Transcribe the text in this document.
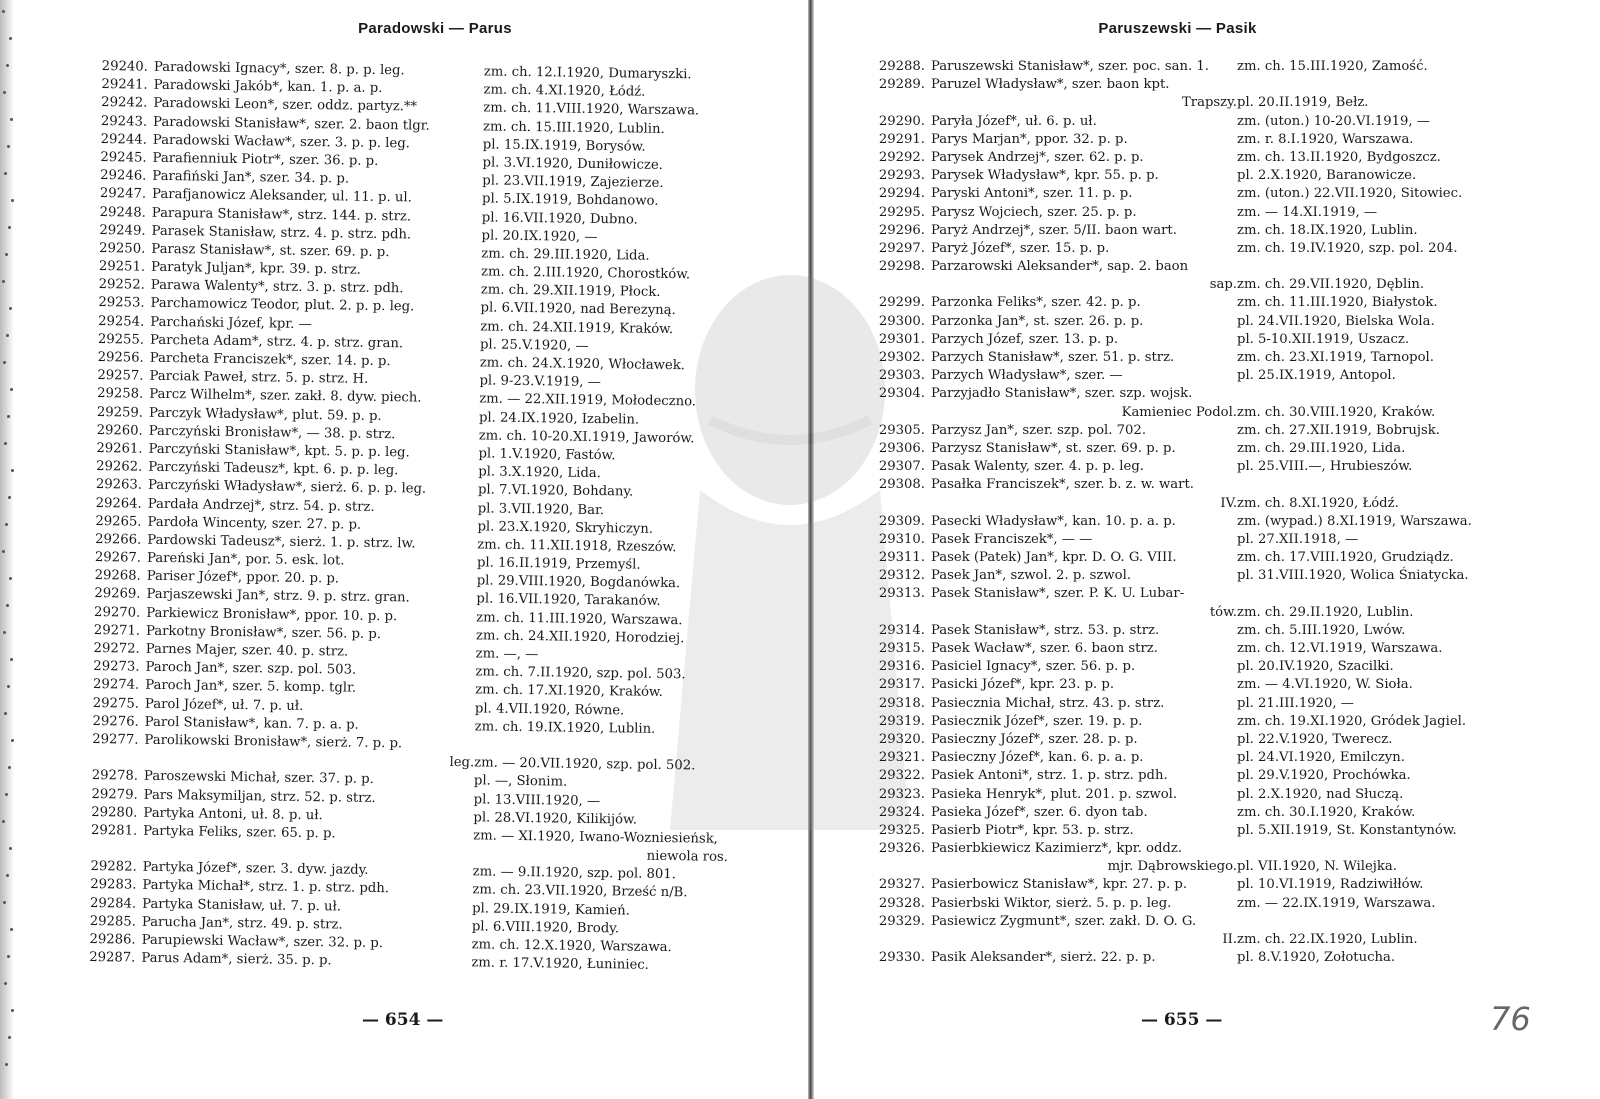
Paradowski — Parus
29240. Paradowski Ignacy*, szer. 8. p. p. leg.	zm. ch. 12.I.1920, Dumaryszki.
29241. Paradowski Jakób*, kan. 1. p. a. p.	zm. ch. 4.XI.1920, Łódź.
29242. Paradowski Leon*, szer. oddz. partyz.**	zm. ch. 11.VIII.1920, Warszawa.
29243. Paradowski Stanisław*, szer. 2. baon tlgr.	zm. ch. 15.III.1920, Lublin.
29244. Paradowski Wacław*, szer. 3. p. p. leg.	pl. 15.IX.1919, Borysów.
29245. Parafienniuk Piotr*, szer. 36. p. p.	pl. 3.VI.1920, Duniłowicze.
29246. Parafiński Jan*, szer. 34. p. p.	pl. 23.VII.1919, Zajezierze.
29247. Parafjanowicz Aleksander, ul. 11. p. ul.	pl. 5.IX.1919, Bohdanowo.
29248. Parapura Stanisław*, strz. 144. p. strz.	pl. 16.VII.1920, Dubno.
29249. Parasek Stanisław, strz. 4. p. strz. pdh.	pl. 20.IX.1920, —
29250. Parasz Stanisław*, st. szer. 69. p. p.	zm. ch. 29.III.1920, Lida.
29251. Paratyk Juljan*, kpr. 39. p. strz.	zm. ch. 2.III.1920, Chorostków.
29252. Parawa Walenty*, strz. 3. p. strz. pdh.	zm. ch. 29.XII.1919, Płock.
29253. Parchamowicz Teodor, plut. 2. p. p. leg.	pl. 6.VII.1920, nad Berezyną.
29254. Parchański Józef, kpr. —	zm. ch. 24.XII.1919, Kraków.
29255. Parcheta Adam*, strz. 4. p. strz. gran.	pl. 25.V.1920, —
29256. Parcheta Franciszek*, szer. 14. p. p.	zm. ch. 24.X.1920, Włocławek.
29257. Parciak Paweł, strz. 5. p. strz. H.	pl. 9-23.V.1919, —
29258. Parcz Wilhelm*, szer. zakł. 8. dyw. piech.	zm. — 22.XII.1919, Mołodeczno.
29259. Parczyk Władysław*, plut. 59. p. p.	pl. 24.IX.1920, Izabelin.
29260. Parczyński Bronisław*, — 38. p. strz.	zm. ch. 10-20.XI.1919, Jaworów.
29261. Parczyński Stanisław*, kpt. 5. p. p. leg.	pl. 1.V.1920, Fastów.
29262. Parczyński Tadeusz*, kpt. 6. p. p. leg.	pl. 3.X.1920, Lida.
29263. Parczyński Władysław*, sierż. 6. p. p. leg.	pl. 7.VI.1920, Bohdany.
29264. Pardała Andrzej*, strz. 54. p. strz.	pl. 3.VII.1920, Bar.
29265. Pardoła Wincenty, szer. 27. p. p.	pl. 23.X.1920, Skryhiczyn.
29266. Pardowski Tadeusz*, sierż. 1. p. strz. lw.	zm. ch. 11.XII.1918, Rzeszów.
29267. Pareński Jan*, por. 5. esk. lot.	pl. 16.II.1919, Przemyśl.
29268. Pariser Józef*, ppor. 20. p. p.	pl. 29.VIII.1920, Bogdanówka.
29269. Parjaszewski Jan*, strz. 9. p. strz. gran.	pl. 16.VII.1920, Tarakanów.
29270. Parkiewicz Bronisław*, ppor. 10. p. p.	zm. ch. 11.III.1920, Warszawa.
29271. Parkotny Bronisław*, szer. 56. p. p.	zm. ch. 24.XII.1920, Horodziej.
29272. Parnes Majer, szer. 40. p. strz.	zm. —, —
29273. Paroch Jan*, szer. szp. pol. 503.	zm. ch. 7.II.1920, szp. pol. 503.
29274. Paroch Jan*, szer. 5. komp. tglr.	zm. ch. 17.XI.1920, Kraków.
29275. Parol Józef*, uł. 7. p. uł.	pl. 4.VII.1920, Równe.
29276. Parol Stanisław*, kan. 7. p. a. p.	zm. ch. 19.IX.1920, Lublin.
29277. Parolikowski Bronisław*, sierż. 7. p. p.
leg. zm. — 20.VII.1920, szp. pol. 502.
29278. Paroszewski Michał, szer. 37. p. p.	pl. —, Słonim.
29279. Pars Maksymiljan, strz. 52. p. strz.	pl. 13.VIII.1920, —
29280. Partyka Antoni, uł. 8. p. uł.	pl. 28.VI.1920, Kilikijów.
29281. Partyka Feliks, szer. 65. p. p.	zm. — XI.1920, Iwano-Wozniesieńsk,
niewola ros.
29282. Partyka Józef*, szer. 3. dyw. jazdy.	zm. — 9.II.1920, szp. pol. 801.
29283. Partyka Michał*, strz. 1. p. strz. pdh.	zm. ch. 23.VII.1920, Brześć n/B.
29284. Partyka Stanisław, uł. 7. p. uł.	pl. 29.IX.1919, Kamień.
29285. Parucha Jan*, strz. 49. p. strz.	pl. 6.VIII.1920, Brody.
29286. Parupiewski Wacław*, szer. 32. p. p.	zm. ch. 12.X.1920, Warszawa.
29287. Parus Adam*, sierż. 35. p. p.	zm. r. 17.V.1920, Łuniniec.
— 654 —
Paruszewski — Pasik
29288. Paruszewski Stanisław*, szer. poc. san. 1.	zm. ch. 15.III.1920, Zamość.
29289. Paruzel Władysław*, szer. baon kpt.
Trapszy. pl. 20.II.1919, Bełz.
29290. Paryła Józef*, uł. 6. p. uł.	zm. (uton.) 10-20.VI.1919, —
29291. Parys Marjan*, ppor. 32. p. p.	zm. r. 8.I.1920, Warszawa.
29292. Parysek Andrzej*, szer. 62. p. p.	zm. ch. 13.II.1920, Bydgoszcz.
29293. Parysek Władysław*, kpr. 55. p. p.	pl. 2.X.1920, Baranowicze.
29294. Paryski Antoni*, szer. 11. p. p.	zm. (uton.) 22.VII.1920, Sitowiec.
29295. Parysz Wojciech, szer. 25. p. p.	zm. — 14.XI.1919, —
29296. Paryż Andrzej*, szer. 5/II. baon wart.	zm. ch. 18.IX.1920, Lublin.
29297. Paryż Józef*, szer. 15. p. p.	zm. ch. 19.IV.1920, szp. pol. 204.
29298. Parzarowski Aleksander*, sap. 2. baon
sap. zm. ch. 29.VII.1920, Dęblin.
29299. Parzonka Feliks*, szer. 42. p. p.	zm. ch. 11.III.1920, Białystok.
29300. Parzonka Jan*, st. szer. 26. p. p.	pl. 24.VII.1920, Bielska Wola.
29301. Parzych Józef, szer. 13. p. p.	pl. 5-10.XII.1919, Uszacz.
29302. Parzych Stanisław*, szer. 51. p. strz.	zm. ch. 23.XI.1919, Tarnopol.
29303. Parzych Władysław*, szer. —	pl. 25.IX.1919, Antopol.
29304. Parzyjadło Stanisław*, szer. szp. wojsk.
Kamieniec Podol. zm. ch. 30.VIII.1920, Kraków.
29305. Parzysz Jan*, szer. szp. pol. 702.	zm. ch. 27.XII.1919, Bobrujsk.
29306. Parzysz Stanisław*, st. szer. 69. p. p.	zm. ch. 29.III.1920, Lida.
29307. Pasak Walenty, szer. 4. p. p. leg.	pl. 25.VIII.—, Hrubieszów.
29308. Pasałka Franciszek*, szer. b. z. w. wart.
IV. zm. ch. 8.XI.1920, Łódź.
29309. Pasecki Władysław*, kan. 10. p. a. p.	zm. (wypad.) 8.XI.1919, Warszawa.
29310. Pasek Franciszek*, — —	pl. 27.XII.1918, —
29311. Pasek (Patek) Jan*, kpr. D. O. G. VIII.	zm. ch. 17.VIII.1920, Grudziądz.
29312. Pasek Jan*, szwol. 2. p. szwol.	pl. 31.VIII.1920, Wolica Śniatycka.
29313. Pasek Stanisław*, szer. P. K. U. Lubar-
tów. zm. ch. 29.II.1920, Lublin.
29314. Pasek Stanisław*, strz. 53. p. strz.	zm. ch. 5.III.1920, Lwów.
29315. Pasek Wacław*, szer. 6. baon strz.	zm. ch. 12.VI.1919, Warszawa.
29316. Pasiciel Ignacy*, szer. 56. p. p.	pl. 20.IV.1920, Szacilki.
29317. Pasicki Józef*, kpr. 23. p. p.	zm. — 4.VI.1920, W. Sioła.
29318. Pasiecznia Michał, strz. 43. p. strz.	pl. 21.III.1920, —
29319. Pasiecznik Józef*, szer. 19. p. p.	zm. ch. 19.XI.1920, Gródek Jagiel.
29320. Pasieczny Józef*, szer. 28. p. p.	pl. 22.V.1920, Twerecz.
29321. Pasieczny Józef*, kan. 6. p. a. p.	pl. 24.VI.1920, Emilczyn.
29322. Pasiek Antoni*, strz. 1. p. strz. pdh.	pl. 29.V.1920, Prochówka.
29323. Pasieka Henryk*, plut. 201. p. szwol.	pl. 2.X.1920, nad Słuczą.
29324. Pasieka Józef*, szer. 6. dyon tab.	zm. ch. 30.I.1920, Kraków.
29325. Pasierb Piotr*, kpr. 53. p. strz.	pl. 5.XII.1919, St. Konstantynów.
29326. Pasierbkiewicz Kazimierz*, kpr. oddz.
mjr. Dąbrowskiego. pl. VII.1920, N. Wilejka.
29327. Pasierbowicz Stanisław*, kpr. 27. p. p.	pl. 10.VI.1919, Radziwiłłów.
29328. Pasierbski Wiktor, sierż. 5. p. p. leg.	zm. — 22.IX.1919, Warszawa.
29329. Pasiewicz Zygmunt*, szer. zakł. D. O. G.
II. zm. ch. 22.IX.1920, Lublin.
29330. Pasik Aleksander*, sierż. 22. p. p.	pl. 8.V.1920, Zołotucha.
— 655 —	76
